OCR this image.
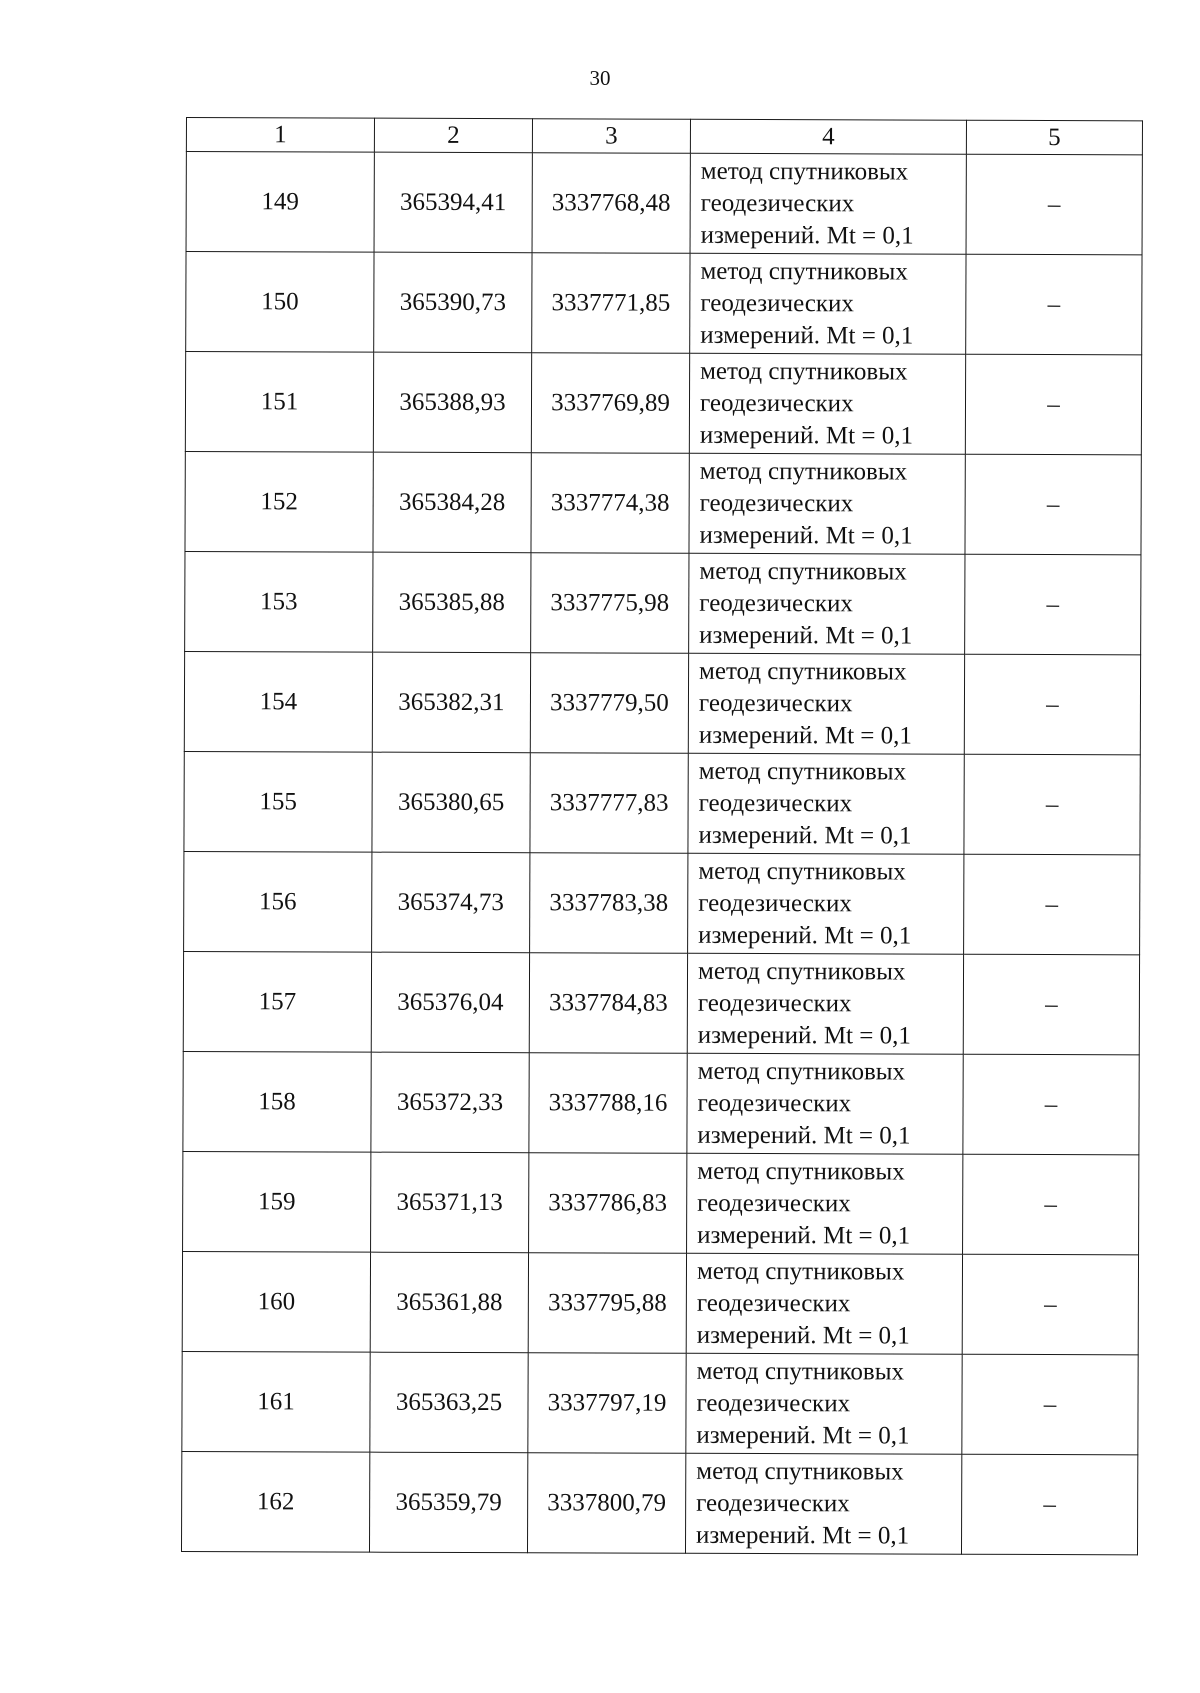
30
1	2	3	4	5
149	365394,41	3337768,48	метод спутниковых
геодезических
измерений. Mt = 0,1	–
150	365390,73	3337771,85	метод спутниковых
геодезических
измерений. Mt = 0,1	–
151	365388,93	3337769,89	метод спутниковых
геодезических
измерений. Mt = 0,1	–
152	365384,28	3337774,38	метод спутниковых
геодезических
измерений. Mt = 0,1	–
153	365385,88	3337775,98	метод спутниковых
геодезических
измерений. Mt = 0,1	–
154	365382,31	3337779,50	метод спутниковых
геодезических
измерений. Mt = 0,1	–
155	365380,65	3337777,83	метод спутниковых
геодезических
измерений. Mt = 0,1	–
156	365374,73	3337783,38	метод спутниковых
геодезических
измерений. Mt = 0,1	–
157	365376,04	3337784,83	метод спутниковых
геодезических
измерений. Mt = 0,1	–
158	365372,33	3337788,16	метод спутниковых
геодезических
измерений. Mt = 0,1	–
159	365371,13	3337786,83	метод спутниковых
геодезических
измерений. Mt = 0,1	–
160	365361,88	3337795,88	метод спутниковых
геодезических
измерений. Mt = 0,1	–
161	365363,25	3337797,19	метод спутниковых
геодезических
измерений. Mt = 0,1	–
162	365359,79	3337800,79	метод спутниковых
геодезических
измерений. Mt = 0,1	–
